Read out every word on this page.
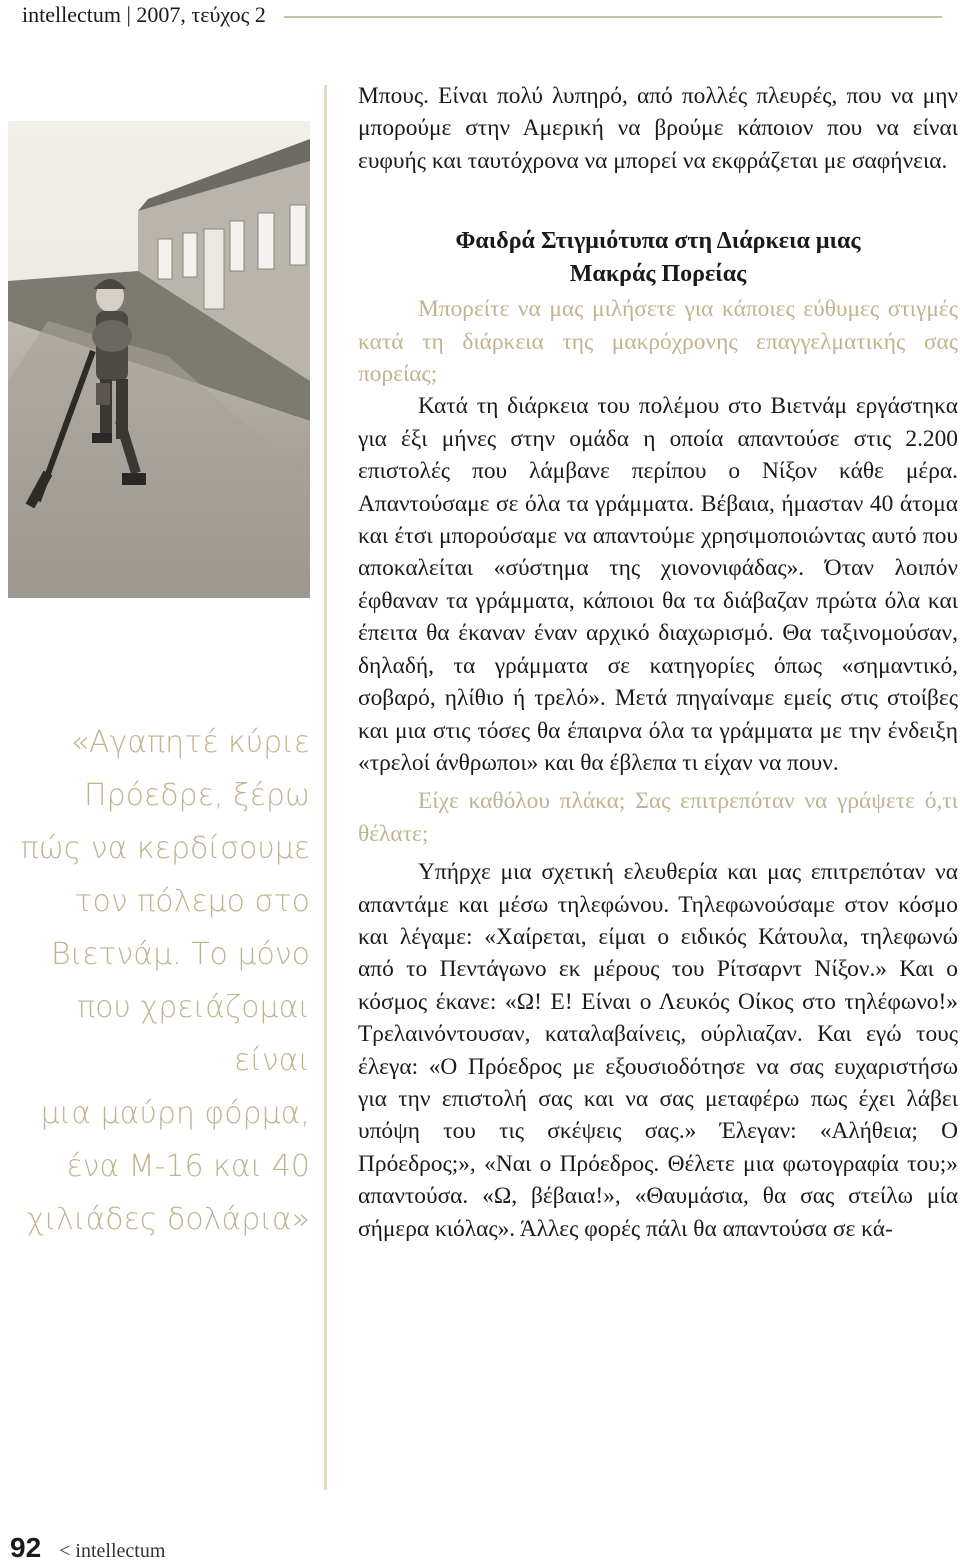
intellectum | 2007, τεύχος 2
«Αγαπητέ κύριε
Πρόεδρε, ξέρω
πώς να κερδίσουμε
τον πόλεμο στο
Βιετνάμ. Το μόνο
που χρειάζομαι είναι
μια μαύρη φόρμα,
ένα Μ-16 και 40
χιλιάδες δολάρια»

Μπους. Είναι πολύ λυπηρό, από πολλές πλευρές, που να μην μπορούμε στην Αμερική να βρούμε κάποιον που να είναι ευφυής και ταυτόχρονα να μπορεί να εκφράζεται με σαφήνεια.

Φαιδρά Στιγμιότυπα στη Διάρκεια μιας
Μακράς Πορείας

Μπορείτε να μας μιλήσετε για κάποιες εύθυμες στιγμές κατά τη διάρκεια της μακρόχρονης επαγγελματικής σας πορείας;

Κατά τη διάρκεια του πολέμου στο Βιετνάμ εργάστηκα για έξι μήνες στην ομάδα η οποία απαντούσε στις 2.200 επιστολές που λάμβανε περίπου ο Νίξον κάθε μέρα. Απαντούσαμε σε όλα τα γράμματα. Βέβαια, ήμασταν 40 άτομα και έτσι μπορούσαμε να απαντούμε χρησιμοποιώντας αυτό που αποκαλείται «σύστημα της χιονονιφάδας». Όταν λοιπόν έφθαναν τα γράμματα, κάποιοι θα τα διάβαζαν πρώτα όλα και έπειτα θα έκαναν έναν αρχικό διαχωρισμό. Θα ταξινομούσαν, δηλαδή, τα γράμματα σε κατηγορίες όπως «σημαντικό, σοβαρό, ηλίθιο ή τρελό». Μετά πηγαίναμε εμείς στις στοίβες και μια στις τόσες θα έπαιρνα όλα τα γράμματα με την ένδειξη «τρελοί άνθρωποι» και θα έβλεπα τι είχαν να πουν.

Είχε καθόλου πλάκα; Σας επιτρεπόταν να γράψετε ό,τι θέλατε;

Υπήρχε μια σχετική ελευθερία και μας επιτρεπόταν να απαντάμε και μέσω τηλεφώνου. Τηλεφωνούσαμε στον κόσμο και λέγαμε: «Χαίρεται, είμαι ο ειδικός Κάτουλα, τηλεφωνώ από το Πεντάγωνο εκ μέρους του Ρίτσαρντ Νίξον.» Και ο κόσμος έκανε: «Ω! Ε! Είναι ο Λευκός Οίκος στο τηλέφωνο!» Τρελαινόντουσαν, καταλαβαίνεις, ούρλιαζαν. Και εγώ τους έλεγα: «Ο Πρόεδρος με εξουσιοδότησε να σας ευχαριστήσω για την επιστολή σας και να σας μεταφέρω πως έχει λάβει υπόψη του τις σκέψεις σας.» Έλεγαν: «Αλήθεια; Ο Πρόεδρος;», «Ναι ο Πρόεδρος. Θέλετε μια φωτογραφία του;» απαντούσα. «Ω, βέβαια!», «Θαυμάσια, θα σας στείλω μία σήμερα κιόλας». Άλλες φορές πάλι θα απαντούσα σε κά-

92 < intellectum
